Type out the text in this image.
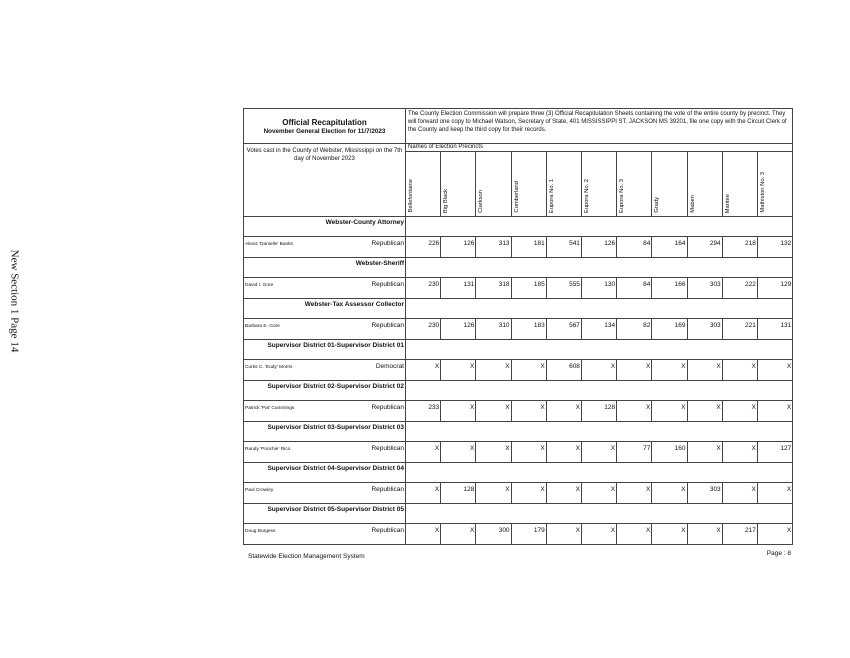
New Section 1 Page 14
Official Recapitulation
November General Election for 11/7/2023	The County Election Commission will prepare three (3) Official Recapitulation Sheets containing the vote of the entire county by precinct. They will forward one copy to Michael Watson, Secretary of State, 401 MISSISSIPPI ST. JACKSON MS 39201, file one copy with the Circuit Clerk of the County and keep the third copy for their records.										
Votes cast in the County of Webster, Mississippi on the 7th day of November 2023	Names of Election Precincts										

	Bellefontaine	Big Black	Clarkson	Cumberland	Eupora No. 1	Eupora No. 2	Eupora No. 3	Grady	Maben	Mantee	Mathiston No. 3

Webster-County Attorney											

Alexis 'Danielle' Banks Republican	226	126	313	181	541	126	84	164	294	218	132
Webster-Sheriff											

David I. Gore Republican	230	131	318	185	555	130	84	166	303	222	129
Webster-Tax Assessor Collector											

Barbara E. Gore Republican	230	126	310	183	567	134	82	169	303	221	131
Supervisor District 01-Supervisor District 01											

Curtis C. 'Eudy' Morris Democrat	X	X	X	X	608	X	X	X	X	X	X
Supervisor District 02-Supervisor District 02											

Patrick 'Pat' Cummings Republican	233	X	X	X	X	128	X	X	X	X	X
Supervisor District 03-Supervisor District 03											

Randy 'Poochie' Rico Republican	X	X	X	X	X	X	77	160	X	X	127
Supervisor District 04-Supervisor District 04											

Paul Crowley Republican	X	128	X	X	X	X	X	X	303	X	X
Supervisor District 05-Supervisor District 05											

Doug Burgess Republican	X	X	300	179	X	X	X	X	X	217	X
Statewide Election Management System	Page : 8
